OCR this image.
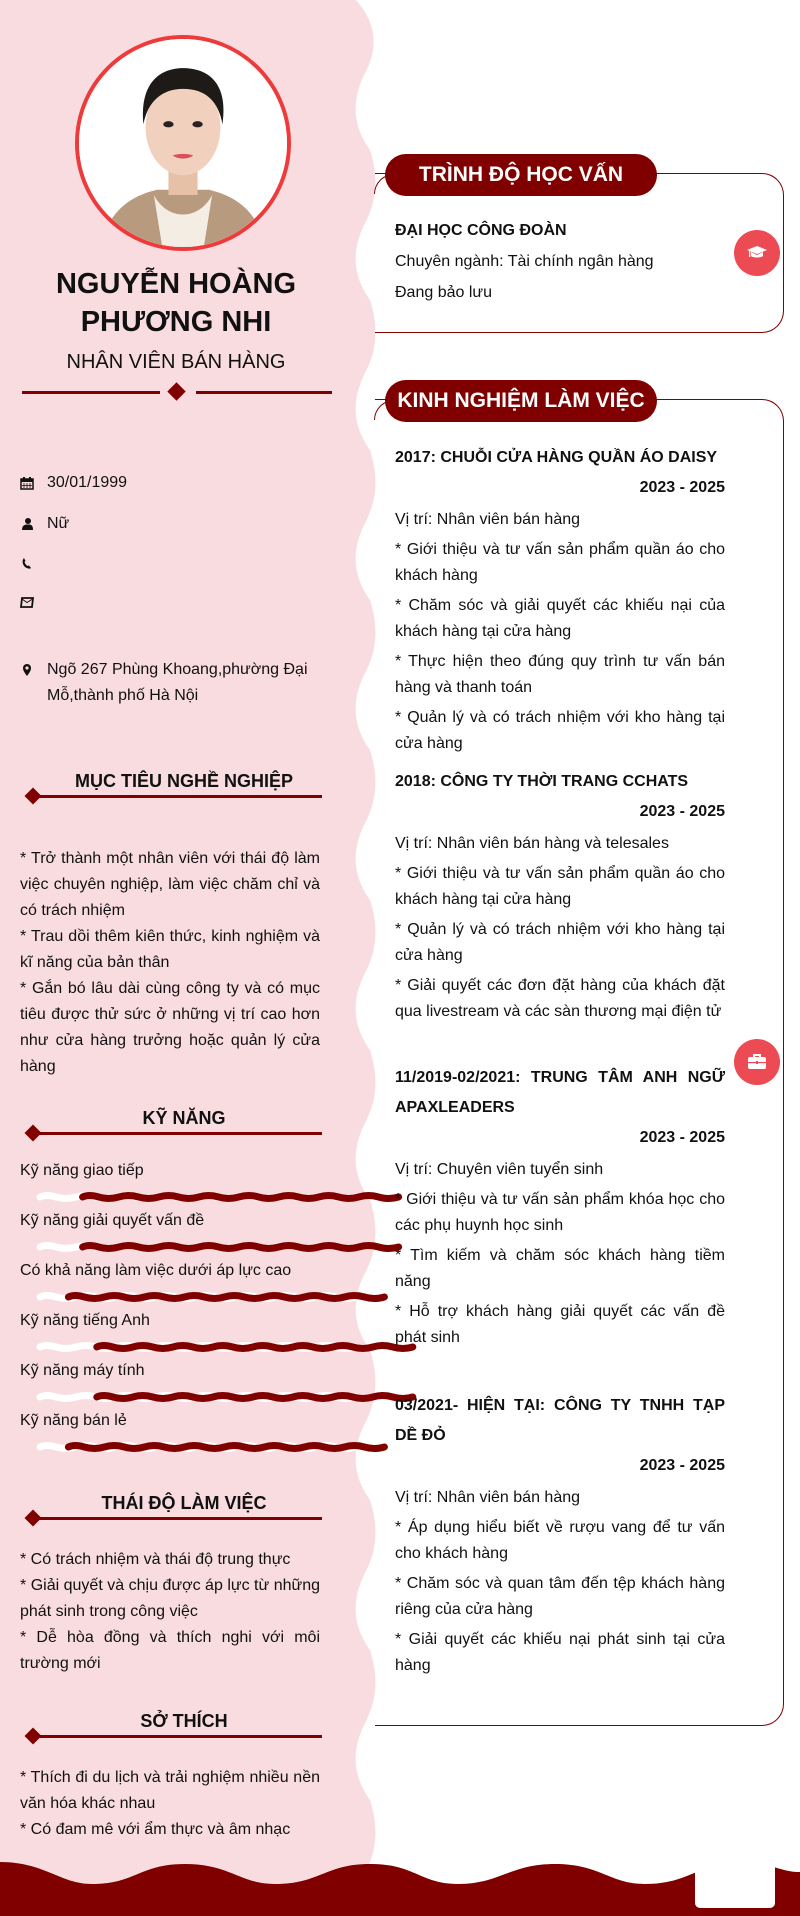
NGUYỄN HOÀNG
PHƯƠNG NHI
NHÂN VIÊN BÁN HÀNG
30/01/1999
Nữ
Ngõ 267 Phùng Khoang,phường Đại Mỗ,thành phố Hà Nội
MỤC TIÊU NGHỀ NGHIỆP

* Trở thành một nhân viên với thái độ làm việc chuyên nghiệp, làm việc chăm chỉ và có trách nhiệm

* Trau dồi thêm kiên thức, kinh nghiệm và kĩ năng của bản thân

* Gắn bó lâu dài cùng công ty và có mục tiêu được thử sức ở những vị trí cao hơn như cửa hàng trưởng hoặc quản lý cửa hàng

KỸ NĂNG
Kỹ năng giao tiếp
Kỹ năng giải quyết vấn đề
Có khả năng làm việc dưới áp lực cao
Kỹ năng tiếng Anh
Kỹ năng máy tính
Kỹ năng bán lẻ
THÁI ĐỘ LÀM VIỆC

* Có trách nhiệm và thái độ trung thực

* Giải quyết và chịu được áp lực từ những phát sinh trong công việc

* Dễ hòa đồng và thích nghi với môi trường mới

SỞ THÍCH

* Thích đi du lịch và trải nghiệm nhiều nền văn hóa khác nhau

* Có đam mê với ẩm thực và âm nhạc

TRÌNH ĐỘ HỌC VẤN
ĐẠI HỌC CÔNG ĐOÀN
Chuyên ngành: Tài chính ngân hàng
Đang bảo lưu
KINH NGHIỆM LÀM VIỆC
2017: CHUỖI CỬA HÀNG QUẦN ÁO DAISY
2023 - 2025
Vị trí: Nhân viên bán hàng
* Giới thiệu và tư vấn sản phẩm quần áo cho khách hàng
* Chăm sóc và giải quyết các khiếu nại của khách hàng tại cửa hàng
* Thực hiện theo đúng quy trình tư vấn bán hàng và thanh toán
* Quản lý và có trách nhiệm với kho hàng tại cửa hàng
2018: CÔNG TY THỜI TRANG CCHATS
2023 - 2025
Vị trí: Nhân viên bán hàng và telesales
* Giới thiệu và tư vấn sản phẩm quần áo cho khách hàng tại cửa hàng
* Quản lý và có trách nhiệm với kho hàng tại cửa hàng
* Giải quyết các đơn đặt hàng của khách đặt qua livestream và các sàn thương mại điện tử
11/2019-02/2021: TRUNG TÂM ANH NGỮ APAXLEADERS
2023 - 2025
Vị trí: Chuyên viên tuyển sinh
* Giới thiệu và tư vấn sản phẩm khóa học cho các phụ huynh học sinh
* Tìm kiếm và chăm sóc khách hàng tiềm năng
* Hỗ trợ khách hàng giải quyết các vấn đề phát sinh
03/2021- HIỆN TẠI: CÔNG TY TNHH TẠP DỀ ĐỎ
2023 - 2025
Vị trí: Nhân viên bán hàng
* Áp dụng hiểu biết về rượu vang để tư vấn cho khách hàng
* Chăm sóc và quan tâm đến tệp khách hàng riêng của cửa hàng
* Giải quyết các khiếu nại phát sinh tại cửa hàng
